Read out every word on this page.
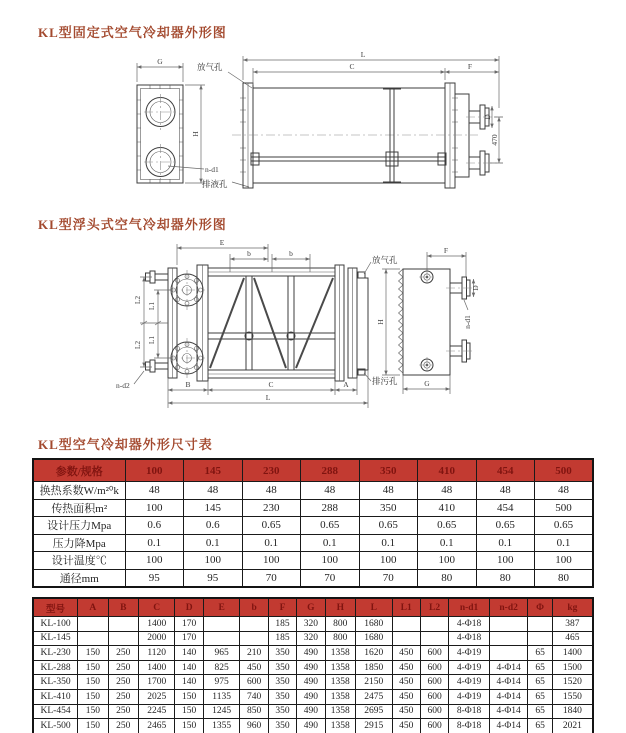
KL型固定式空气冷却器外形图
G
H
n-d1
排液孔
放气孔
L
C	F
D
470
KL型浮头式空气冷却器外形图
放气孔
排污孔
E
b	b
L2
L2
L1
L1
n-d2	B	C	A
L
H
D
n-d1
F
G
KL型空气冷却器外形尺寸表
参数/规格	100	145	230	288	350	410	454	500
换热系数W/m²⁰k	48	48	48	48	48	48	48	48
传热面积m²	100	145	230	288	350	410	454	500
设计压力Mpa	0.6	0.6	0.65	0.65	0.65	0.65	0.65	0.65
压力降Mpa	0.1	0.1	0.1	0.1	0.1	0.1	0.1	0.1
设计温度℃	100	100	100	100	100	100	100	100
通径mm	95	95	70	70	70	80	80	80
型号	A	B	C	D	E	b	F	G	H	L	L1	L2	n-d1	n-d2	Φ	kg
KL-100			1400	170			185	320	800	1680			4-Φ18			387
KL-145			2000	170			185	320	800	1680			4-Φ18			465
KL-230	150	250	1120	140	965	210	350	490	1358	1620	450	600	4-Φ19		65	1400
KL-288	150	250	1400	140	825	450	350	490	1358	1850	450	600	4-Φ19	4-Φ14	65	1500
KL-350	150	250	1700	140	975	600	350	490	1358	2150	450	600	4-Φ19	4-Φ14	65	1520
KL-410	150	250	2025	150	1135	740	350	490	1358	2475	450	600	4-Φ19	4-Φ14	65	1550
KL-454	150	250	2245	150	1245	850	350	490	1358	2695	450	600	8-Φ18	4-Φ14	65	1840
KL-500	150	250	2465	150	1355	960	350	490	1358	2915	450	600	8-Φ18	4-Φ14	65	2021
